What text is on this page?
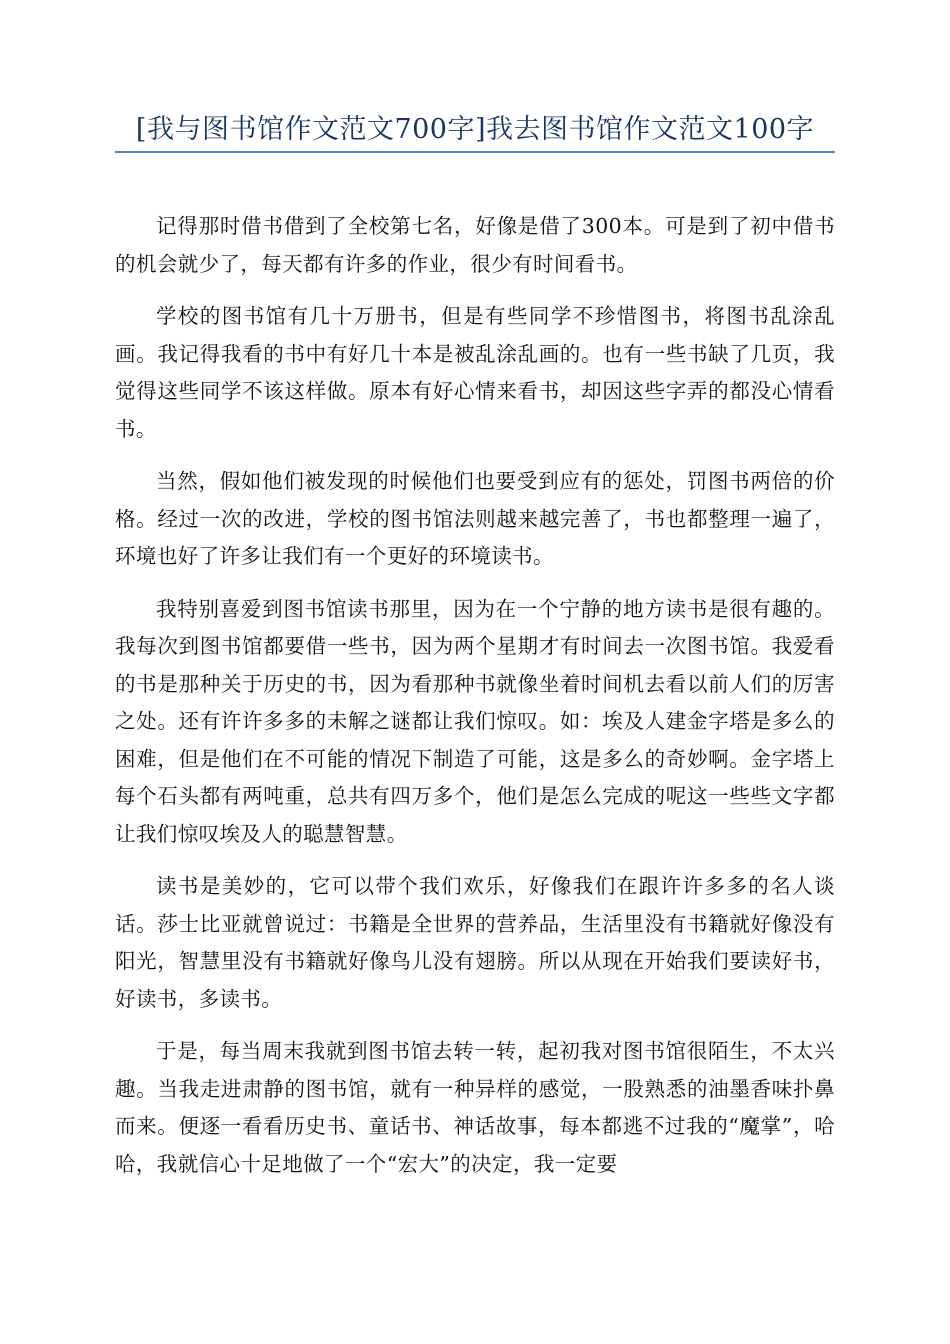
[我与图书馆作文范文700字]我去图书馆作文范文100字

记得那时借书借到了全校第七名，好像是借了300本。可是到了初中借书的机会就少了，每天都有许多的作业，很少有时间看书。

学校的图书馆有几十万册书，但是有些同学不珍惜图书，将图书乱涂乱画。我记得我看的书中有好几十本是被乱涂乱画的。也有一些书缺了几页，我觉得这些同学不该这样做。原本有好心情来看书，却因这些字弄的都没心情看书。

当然，假如他们被发现的时候他们也要受到应有的惩处，罚图书两倍的价格。经过一次的改进，学校的图书馆法则越来越完善了，书也都整理一遍了，环境也好了许多让我们有一个更好的环境读书。

我特别喜爱到图书馆读书那里，因为在一个宁静的地方读书是很有趣的。我每次到图书馆都要借一些书，因为两个星期才有时间去一次图书馆。我爱看的书是那种关于历史的书，因为看那种书就像坐着时间机去看以前人们的厉害之处。还有许许多多的未解之谜都让我们惊叹。如：埃及人建金字塔是多么的困难，但是他们在不可能的情况下制造了可能，这是多么的奇妙啊。金字塔上每个石头都有两吨重，总共有四万多个，他们是怎么完成的呢这一些些文字都让我们惊叹埃及人的聪慧智慧。

读书是美妙的，它可以带个我们欢乐，好像我们在跟许许多多的名人谈话。莎士比亚就曾说过：书籍是全世界的营养品，生活里没有书籍就好像没有阳光，智慧里没有书籍就好像鸟儿没有翅膀。所以从现在开始我们要读好书，好读书，多读书。

于是，每当周末我就到图书馆去转一转，起初我对图书馆很陌生，不太兴趣。当我走进肃静的图书馆，就有一种异样的感觉，一股熟悉的油墨香味扑鼻而来。便逐一看看历史书、童话书、神话故事，每本都逃不过我的“魔掌”，哈哈，我就信心十足地做了一个“宏大”的决定，我一定要
